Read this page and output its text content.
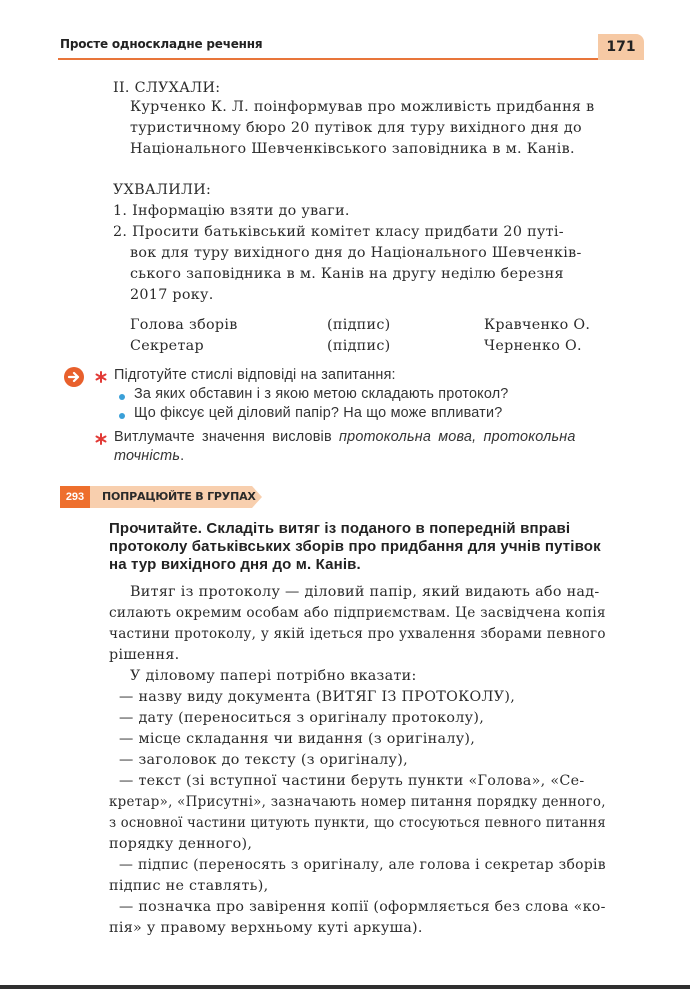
Просте односкладне речення	171
ІІ. СЛУХАЛИ:
Курченко К. Л. поінформував про можливість придбання в
туристичному бюро 20 путівок для туру вихідного дня до
Національного Шевченківського заповідника в м. Канів.
УХВАЛИЛИ:
1. Інформацію взяти до уваги.
2. Просити батьківський комітет класу придбати 20 путі-
вок для туру вихідного дня до Національного Шевченків-
ського заповідника в м. Канів на другу неділю березня
2017 року.
Голова зборів	(підпис)	Кравченко О.
Секретар	(підпис)	Черненко О.
Підготуйте стислі відповіді на запитання:
За яких обставин і з якою метою складають протокол?
Що фіксує цей діловий папір? На що може впливати?
Витлумачте значення висловів протокольна мова, протокольна
точність.
293	ПОПРАЦЮЙТЕ В ГРУПАХ
Прочитайте. Складіть витяг із поданого в попередній вправі
протоколу батьківських зборів про придбання для учнів путівок
на тур вихідного дня до м. Канів.
Витяг із протоколу — діловий папір, який видають або над-
силають окремим особам або підприємствам. Це засвідчена копія
частини протоколу, у якій ідеться про ухвалення зборами певного
рішення.
У діловому папері потрібно вказати:
— назву виду документа (ВИТЯГ ІЗ ПРОТОКОЛУ),
— дату (переноситься з оригіналу протоколу),
— місце складання чи видання (з оригіналу),
— заголовок до тексту (з оригіналу),
— текст (зі вступної частини беруть пункти «Голова», «Се-
кретар», «Присутні», зазначають номер питання порядку денного,
з основної частини цитують пункти, що стосуються певного питання
порядку денного),
— підпис (переносять з оригіналу, але голова і секретар зборів
підпис не ставлять),
— позначка про завірення копії (оформляється без слова «ко-
пія» у правому верхньому куті аркуша).
